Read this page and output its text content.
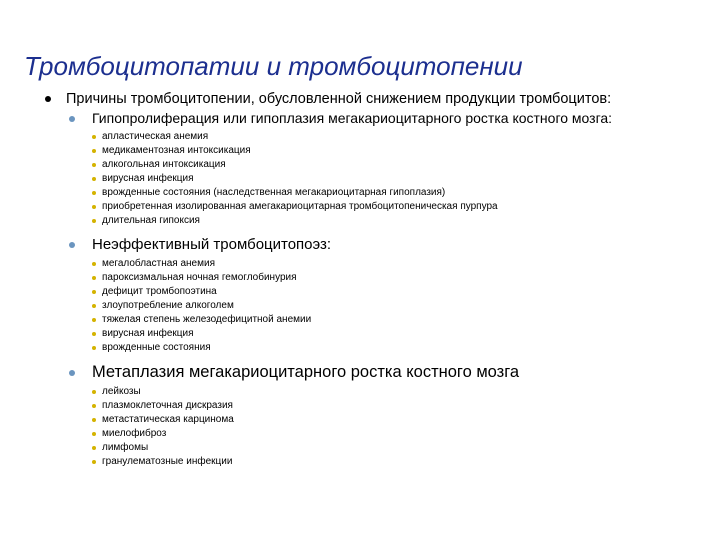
Тромбоцитопатии и тромбоцитопении
Причины тромбоцитопении, обусловленной снижением продукции тромбоцитов:
Гипопролиферация или гипоплазия мегакариоцитарного ростка костного мозга:
апластическая анемия
медикаментозная интоксикация
алкогольная интоксикация
вирусная инфекция
врожденные состояния (наследственная мегакариоцитарная гипоплазия)
приобретенная изолированная амегакариоцитарная тромбоцитопеническая пурпура
длительная гипоксия
Неэффективный тромбоцитопоэз:
мегалобластная анемия
пароксизмальная ночная гемоглобинурия
дефицит тромбопоэтина
злоупотребление алкоголем
тяжелая степень железодефицитной анемии
вирусная инфекция
врожденные состояния
Метаплазия мегакариоцитарного ростка костного мозга
лейкозы
плазмоклеточная дискразия
метастатическая карцинома
миелофиброз
лимфомы
гранулематозные инфекции
